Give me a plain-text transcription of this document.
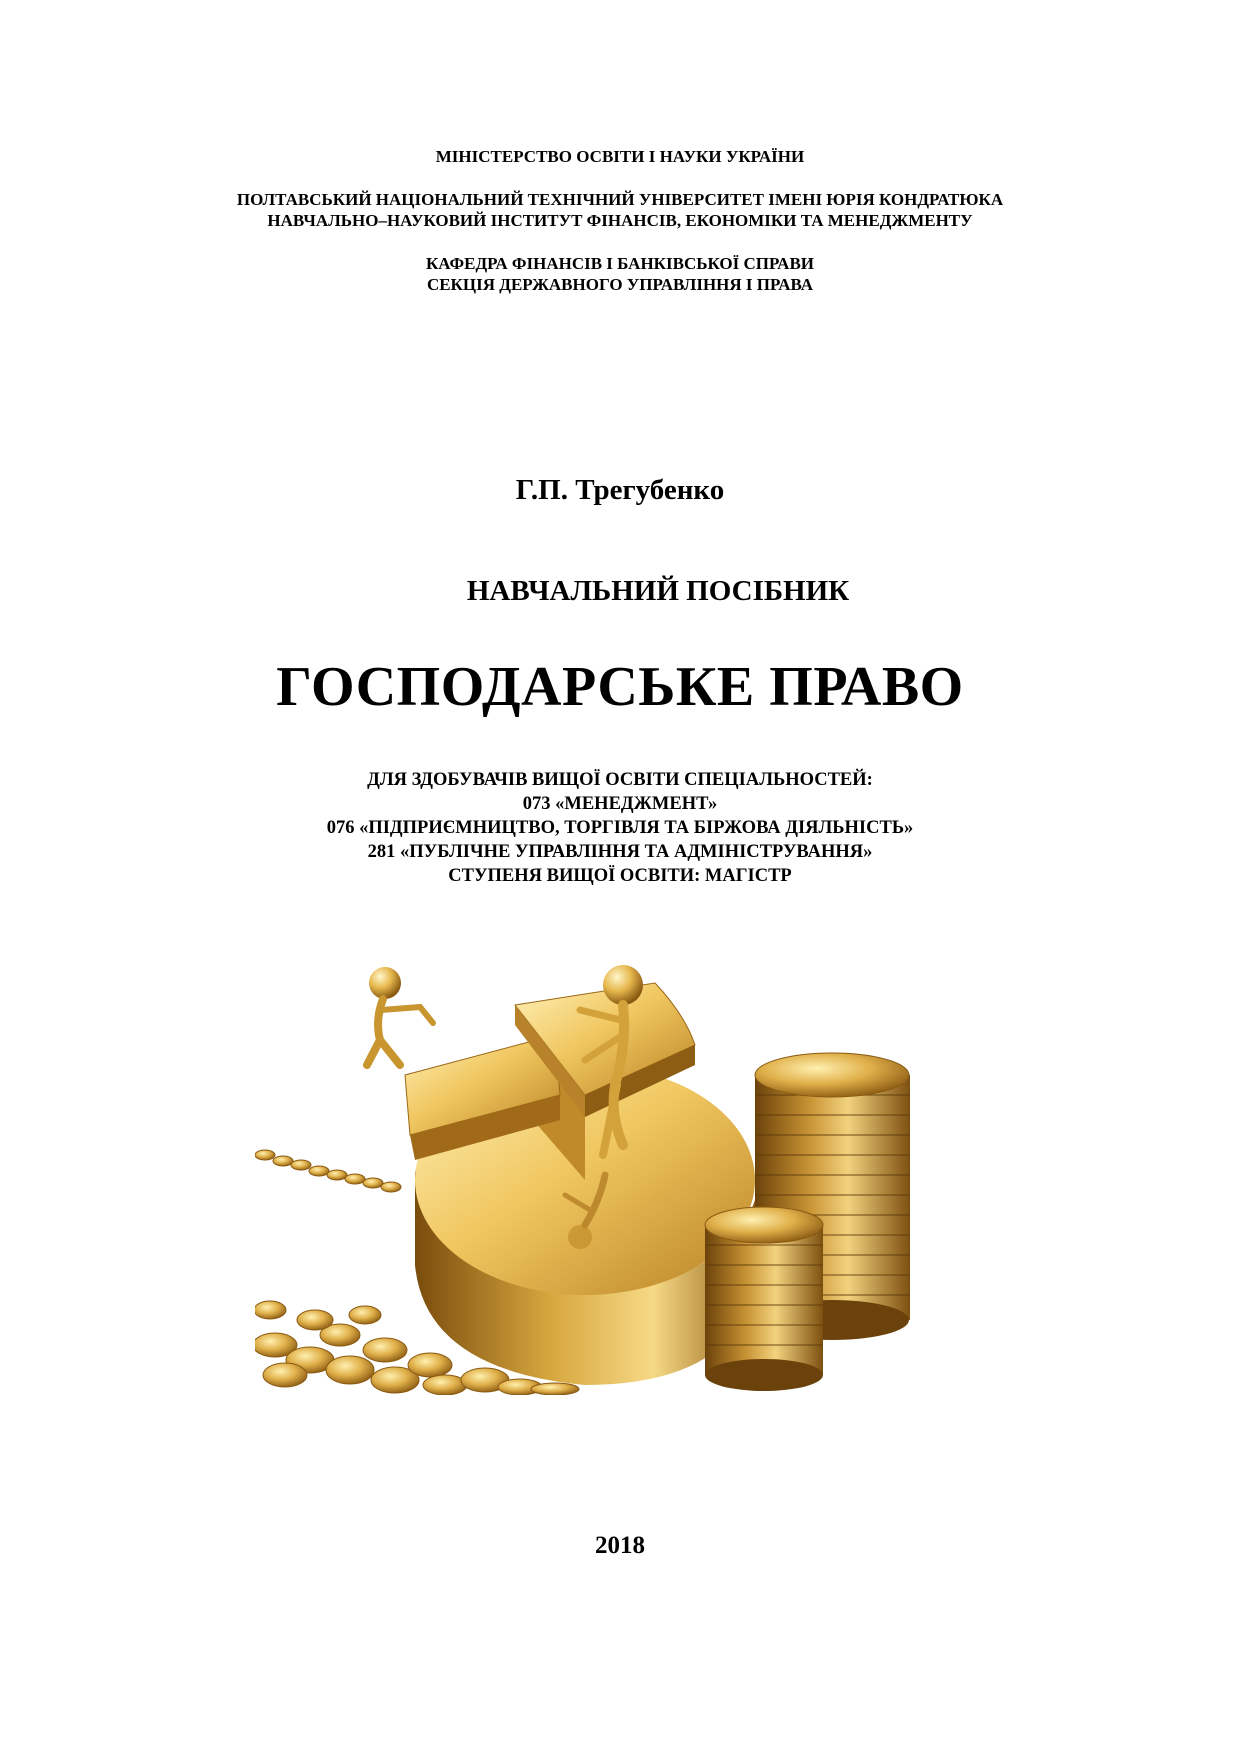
МІНІСТЕРСТВО ОСВІТИ І НАУКИ УКРАЇНИ
ПОЛТАВСЬКИЙ НАЦІОНАЛЬНИЙ ТЕХНІЧНИЙ УНІВЕРСИТЕТ ІМЕНІ ЮРІЯ КОНДРАТЮКА
НАВЧАЛЬНО–НАУКОВИЙ ІНСТИТУТ ФІНАНСІВ, ЕКОНОМІКИ ТА МЕНЕДЖМЕНТУ
КАФЕДРА ФІНАНСІВ І БАНКІВСЬКОЇ СПРАВИ
СЕКЦІЯ ДЕРЖАВНОГО УПРАВЛІННЯ І ПРАВА
Г.П. Трегубенко
НАВЧАЛЬНИЙ ПОСІБНИК
ГОСПОДАРСЬКЕ ПРАВО
ДЛЯ ЗДОБУВАЧІВ ВИЩОЇ ОСВІТИ СПЕЦІАЛЬНОСТЕЙ:
073 «МЕНЕДЖМЕНТ»
076 «ПІДПРИЄМНИЦТВО, ТОРГІВЛЯ ТА БІРЖОВА ДІЯЛЬНІСТЬ»
281 «ПУБЛІЧНЕ УПРАВЛІННЯ ТА АДМІНІСТРУВАННЯ»
СТУПЕНЯ ВИЩОЇ ОСВІТИ: МАГІСТР
2018
